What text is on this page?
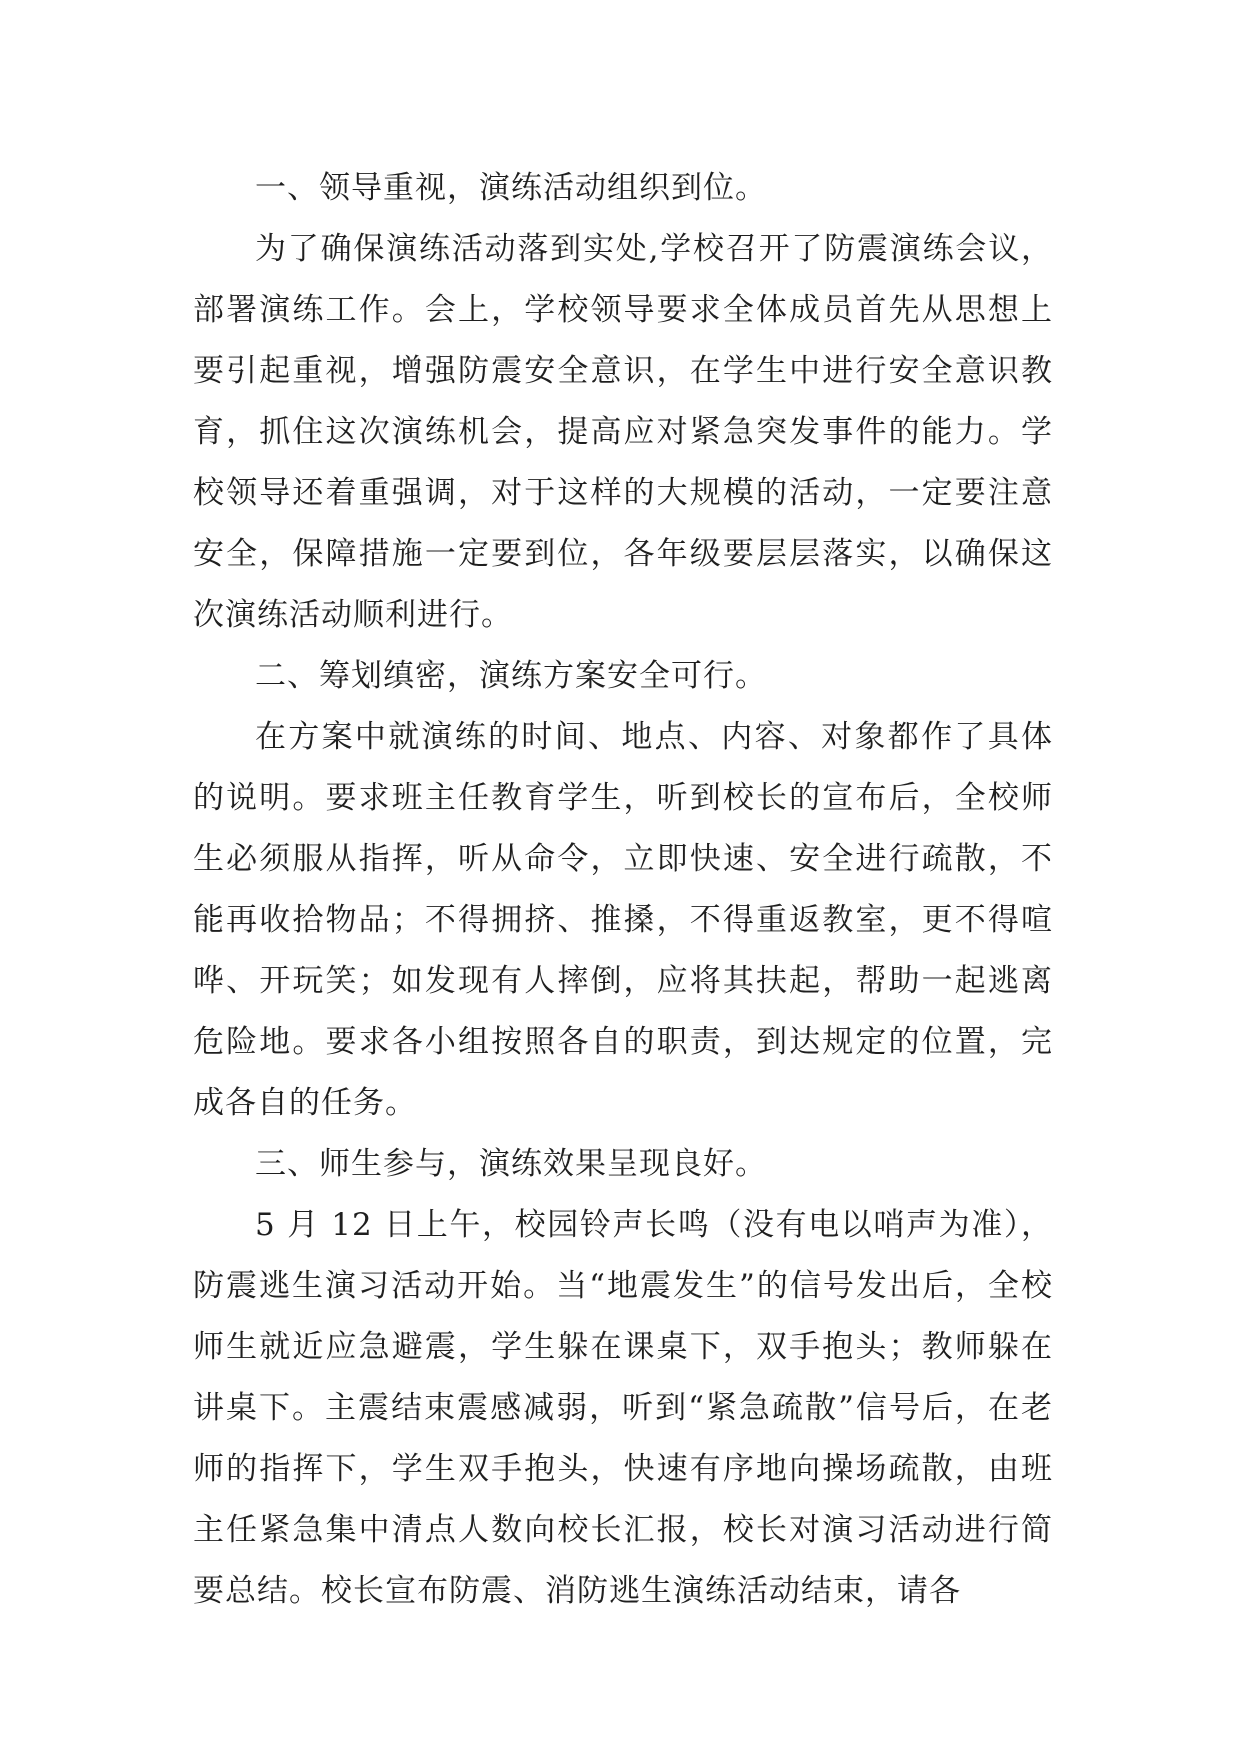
一、领导重视，演练活动组织到位。

为了确保演练活动落到实处,学校召开了防震演练会议，部署演练工作。会上，学校领导要求全体成员首先从思想上要引起重视，增强防震安全意识，在学生中进行安全意识教育，抓住这次演练机会，提高应对紧急突发事件的能力。学校领导还着重强调，对于这样的大规模的活动，一定要注意安全，保障措施一定要到位，各年级要层层落实，以确保这次演练活动顺利进行。

二、筹划缜密，演练方案安全可行。

在方案中就演练的时间、地点、内容、对象都作了具体的说明。要求班主任教育学生，听到校长的宣布后，全校师生必须服从指挥，听从命令，立即快速、安全进行疏散，不能再收拾物品；不得拥挤、推搡，不得重返教室，更不得喧哗、开玩笑；如发现有人摔倒，应将其扶起，帮助一起逃离危险地。要求各小组按照各自的职责，到达规定的位置，完成各自的任务。

三、师生参与，演练效果呈现良好。

5 月 12 日上午，校园铃声长鸣（没有电以哨声为准），防震逃生演习活动开始。当“地震发生”的信号发出后，全校师生就近应急避震，学生躲在课桌下，双手抱头；教师躲在讲桌下。主震结束震感减弱，听到“紧急疏散”信号后，在老师的指挥下，学生双手抱头，快速有序地向操场疏散，由班主任紧急集中清点人数向校长汇报，校长对演习活动进行简要总结。校长宣布防震、消防逃生演练活动结束，请各
